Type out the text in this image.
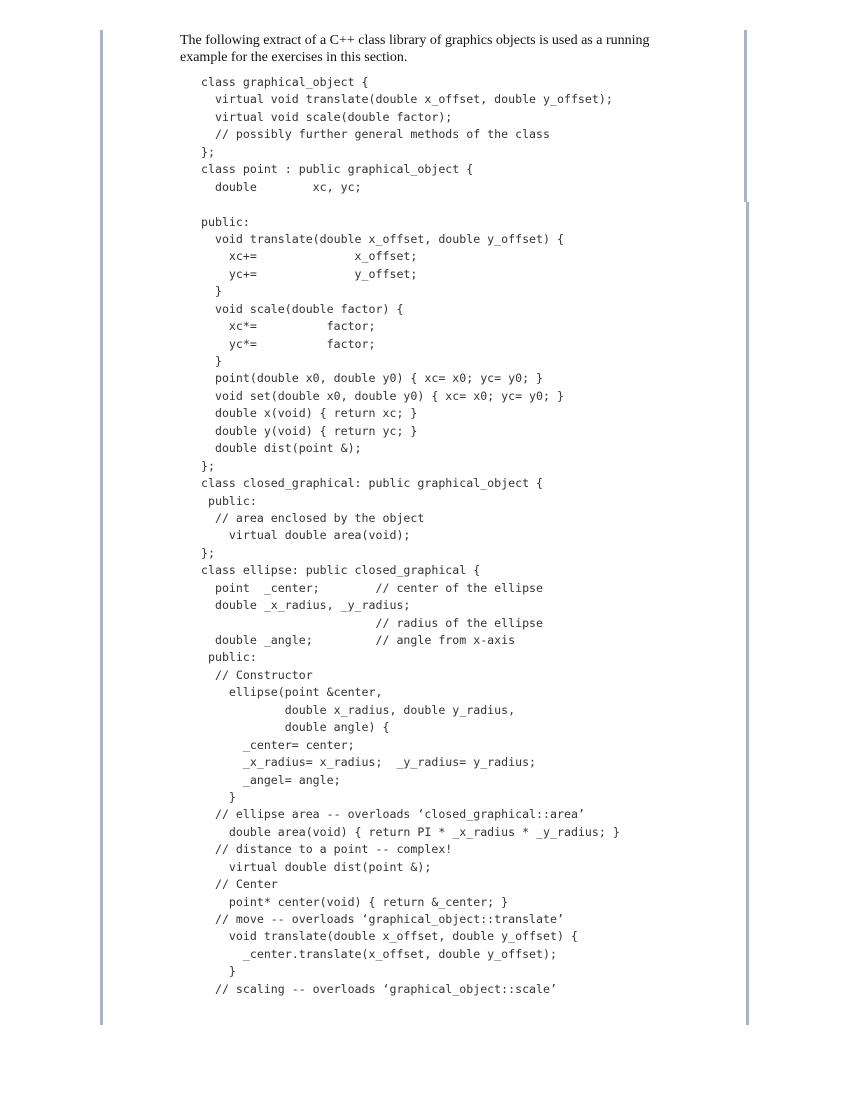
The following extract of a C++ class library of graphics objects is used as a running example for the exercises in this section.

class graphical_object {
virtual void translate(double x_offset, double y_offset);
virtual void scale(double factor);
// possibly further general methods of the class
};
class point : public graphical_object {
double        xc, yc;
public:
void translate(double x_offset, double y_offset) {
xc+=              x_offset;
yc+=              y_offset;
}
void scale(double factor) {
xc*=          factor;
yc*=          factor;
}
point(double x0, double y0) { xc= x0; yc= y0; }
void set(double x0, double y0) { xc= x0; yc= y0; }
double x(void) { return xc; }
double y(void) { return yc; }
double dist(point &);
};
class closed_graphical: public graphical_object {
public:
// area enclosed by the object
virtual double area(void);
};
class ellipse: public closed_graphical {
point  _center;        // center of the ellipse
double _x_radius, _y_radius;
// radius of the ellipse
double _angle;         // angle from x-axis
public:
// Constructor
ellipse(point &center,
double x_radius, double y_radius,
double angle) {
_center= center;
_x_radius= x_radius;  _y_radius= y_radius;
_angel= angle;
}
// ellipse area -- overloads ‘closed_graphical::area’
double area(void) { return PI * _x_radius * _y_radius; }
// distance to a point -- complex!
virtual double dist(point &);
// Center
point* center(void) { return &_center; }
// move -- overloads ‘graphical_object::translate’
void translate(double x_offset, double y_offset) {
_center.translate(x_offset, double y_offset);
}
// scaling -- overloads ‘graphical_object::scale’
